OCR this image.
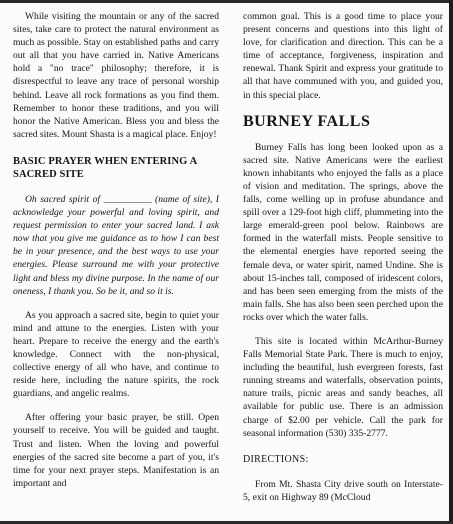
While visiting the mountain or any of the sacred sites, take care to protect the natural environment as much as possible. Stay on established paths and carry out all that you have carried in. Native Americans hold a "no trace" philosophy; therefore, it is disrespectful to leave any trace of personal worship behind. Leave all rock formations as you find them. Remember to honor these traditions, and you will honor the Native American. Bless you and bless the sacred sites. Mount Shasta is a magical place. Enjoy!

BASIC PRAYER WHEN ENTERING A SACRED SITE

Oh sacred spirit of __________ (name of site), I acknowledge your powerful and loving spirit, and request permission to enter your sacred land. I ask now that you give me guidance as to how I can best be in your presence, and the best ways to use your energies. Please surround me with your protective light and bless my divine purpose. In the name of our oneness, I thank you. So be it, and so it is.

As you approach a sacred site, begin to quiet your mind and attune to the energies. Listen with your heart. Prepare to receive the energy and the earth's knowledge. Connect with the non-physical, collective energy of all who have, and continue to reside here, including the nature spirits, the rock guardians, and angelic realms.

After offering your basic prayer, be still. Open yourself to receive. You will be guided and taught. Trust and listen. When the loving and powerful energies of the sacred site become a part of you, it's time for your next prayer steps. Manifestation is an important and

common goal. This is a good time to place your present concerns and questions into this light of love, for clarification and direction. This can be a time of acceptance, forgiveness, inspiration and renewal. Thank Spirit and express your gratitude to all that have communed with you, and guided you, in this special place.

BURNEY FALLS

Burney Falls has long been looked upon as a sacred site. Native Americans were the earliest known inhabitants who enjoyed the falls as a place of vision and meditation. The springs, above the falls, come welling up in profuse abundance and spill over a 129-foot high cliff, plummeting into the large emerald-green pool below. Rainbows are formed in the waterfall mists. People sensitive to the elemental energies have reported seeing the female deva, or water spirit, named Undine. She is about 15-inches tall, composed of iridescent colors, and has been seen emerging from the mists of the main falls. She has also been seen perched upon the rocks over which the water falls.

This site is located within McArthur-Burney Falls Memorial State Park. There is much to enjoy, including the beautiful, lush evergreen forests, fast running streams and waterfalls, observation points, nature trails, picnic areas and sandy beaches, all available for public use. There is an admission charge of $2.00 per vehicle. Call the park for seasonal information (530) 335-2777.

DIRECTIONS:

From Mt. Shasta City drive south on Interstate-5, exit on Highway 89 (McCloud
